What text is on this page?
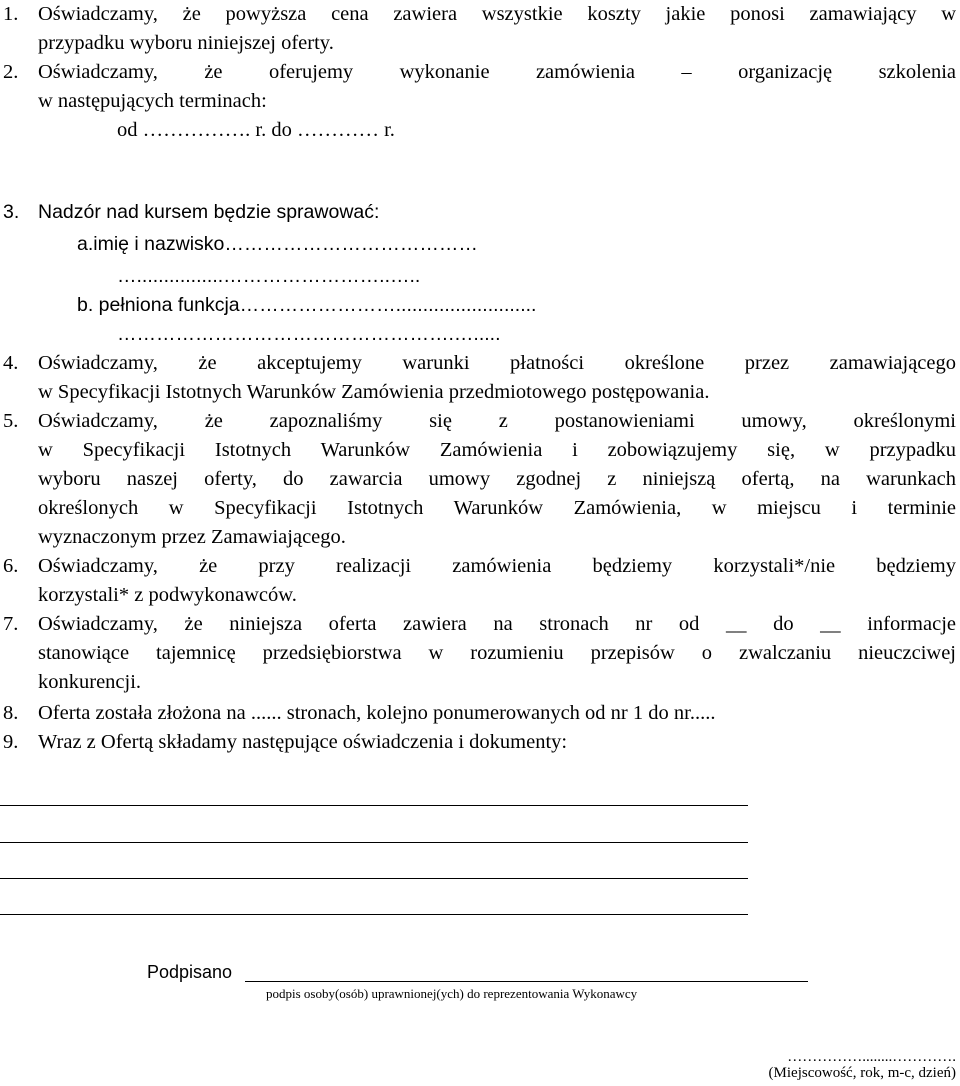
1. Oświadczamy, że powyższa cena zawiera wszystkie koszty jakie ponosi zamawiający w
przypadku wyboru niniejszej oferty.
2. Oświadczamy, że oferujemy wykonanie zamówienia – organizację szkolenia
w następujących terminach:
od ……………. r. do ………… r.
3. Nadzór nad kursem będzie sprawować:
a.imię i nazwisko…………………………………
…................……………………..…..
b. pełniona funkcja……………………..........................
…………………………………………….….....
4. Oświadczamy, że akceptujemy warunki płatności określone przez zamawiającego
w Specyfikacji Istotnych Warunków Zamówienia przedmiotowego postępowania.
5. Oświadczamy, że zapoznaliśmy się z postanowieniami umowy, określonymi
w Specyfikacji Istotnych Warunków Zamówienia i zobowiązujemy się, w przypadku
wyboru naszej oferty, do zawarcia umowy zgodnej z niniejszą ofertą, na warunkach
określonych w Specyfikacji Istotnych Warunków Zamówienia, w miejscu i terminie
wyznaczonym przez Zamawiającego.
6. Oświadczamy, że przy realizacji zamówienia będziemy korzystali*/nie będziemy
korzystali* z podwykonawców.
7. Oświadczamy, że niniejsza oferta zawiera na stronach nr od __ do __ informacje
stanowiące tajemnicę przedsiębiorstwa w rozumieniu przepisów o zwalczaniu nieuczciwej
konkurencji.
8. Oferta została złożona na ...... stronach, kolejno ponumerowanych od nr 1 do nr.....
9. Wraz z Ofertą składamy następujące oświadczenia i dokumenty:
Podpisano
podpis osoby(osób) uprawnionej(ych) do reprezentowania Wykonawcy
……………........………….
(Miejscowość, rok, m-c, dzień)
